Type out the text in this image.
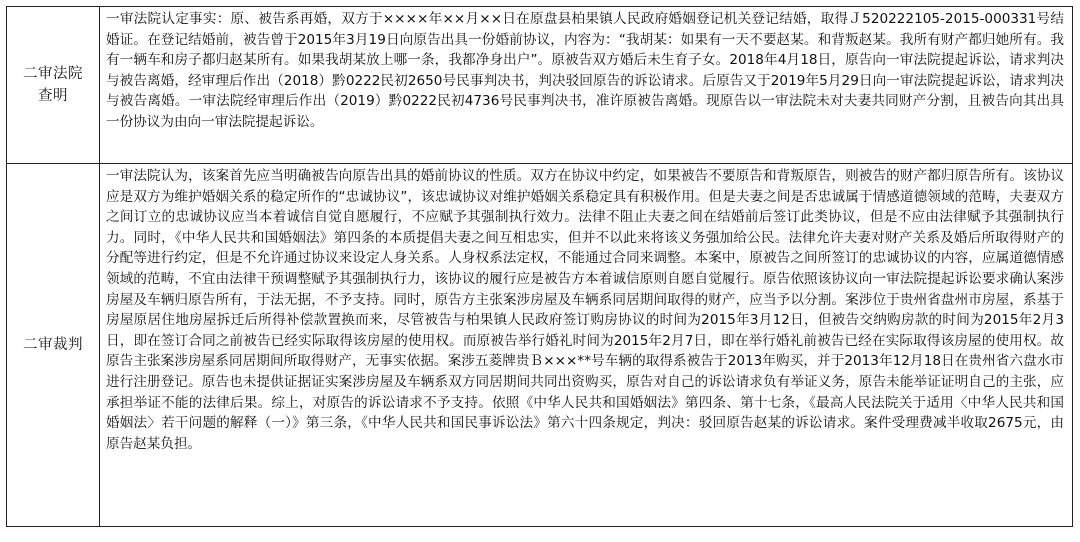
二审法院
查明	一审法院认定事实：原、被告系再婚，双方于××××年××月××日在原盘县柏果镇人民政府婚姻登记机关登记结婚，取得Ｊ520222105-2015-000331号结婚证。在登记结婚前，被告曾于2015年3月19日向原告出具一份婚前协议，内容为：“我胡某：如果有一天不要赵某。和背叛赵某。我所有财产都归她所有。我有一辆车和房子都归赵某所有。如果我胡某放上哪一条，我都净身出户”。原被告双方婚后未生育子女。2018年4月18日，原告向一审法院提起诉讼，请求判决与被告离婚，经审理后作出（2018）黔0222民初2650号民事判决书，判决驳回原告的诉讼请求。后原告又于2019年5月29日向一审法院提起诉讼，请求判决与被告离婚。一审法院经审理后作出（2019）黔0222民初4736号民事判决书，准许原被告离婚。现原告以一审法院未对夫妻共同财产分割，且被告向其出具一份协议为由向一审法院提起诉讼。

二审裁判	一审法院认为，该案首先应当明确被告向原告出具的婚前协议的性质。双方在协议中约定，如果被告不要原告和背叛原告，则被告的财产都归原告所有。该协议应是双方为维护婚姻关系的稳定所作的“忠诚协议”，该忠诚协议对维护婚姻关系稳定具有积极作用。但是夫妻之间是否忠诚属于情感道德领域的范畴，夫妻双方之间订立的忠诚协议应当本着诚信自觉自愿履行，不应赋予其强制执行效力。法律不阻止夫妻之间在结婚前后签订此类协议，但是不应由法律赋予其强制执行力。同时，《中华人民共和国婚姻法》第四条的本质提倡夫妻之间互相忠实，但并不以此来将该义务强加给公民。法律允许夫妻对财产关系及婚后所取得财产的分配等进行约定，但是不允许通过协议来设定人身关系。人身权系法定权，不能通过合同来调整。本案中，原被告之间所签订的忠诚协议的内容，应属道德情感领域的范畴，不宜由法律干预调整赋予其强制执行力，该协议的履行应是被告方本着诚信原则自愿自觉履行。原告依照该协议向一审法院提起诉讼要求确认案涉房屋及车辆归原告所有，于法无据，不予支持。同时，原告方主张案涉房屋及车辆系同居期间取得的财产，应当予以分割。案涉位于贵州省盘州市房屋，系基于房屋原居住地房屋拆迁后所得补偿款置换而来，尽管被告与柏果镇人民政府签订购房协议的时间为2015年3月12日，但被告交纳购房款的时间为2015年2月3日，即在签订合同之前被告已经实际取得该房屋的使用权。而原被告举行婚礼时间为2015年2月7日，即在举行婚礼前被告已经在实际取得该房屋的使用权。故原告主张案涉房屋系同居期间所取得财产，无事实依据。案涉五菱牌贵Ｂ×××**号车辆的取得系被告于2013年购买，并于2013年12月18日在贵州省六盘水市进行注册登记。原告也未提供证据证实案涉房屋及车辆系双方同居期间共同出资购买，原告对自己的诉讼请求负有举证义务，原告未能举证证明自己的主张，应承担举证不能的法律后果。综上，对原告的诉讼请求不予支持。依照《中华人民共和国婚姻法》第四条、第十七条，《最高人民法院关于适用〈中华人民共和国婚姻法〉若干问题的解释（一）》第三条，《中华人民共和国民事诉讼法》第六十四条规定，判决：驳回原告赵某的诉讼请求。案件受理费减半收取2675元，由原告赵某负担。
